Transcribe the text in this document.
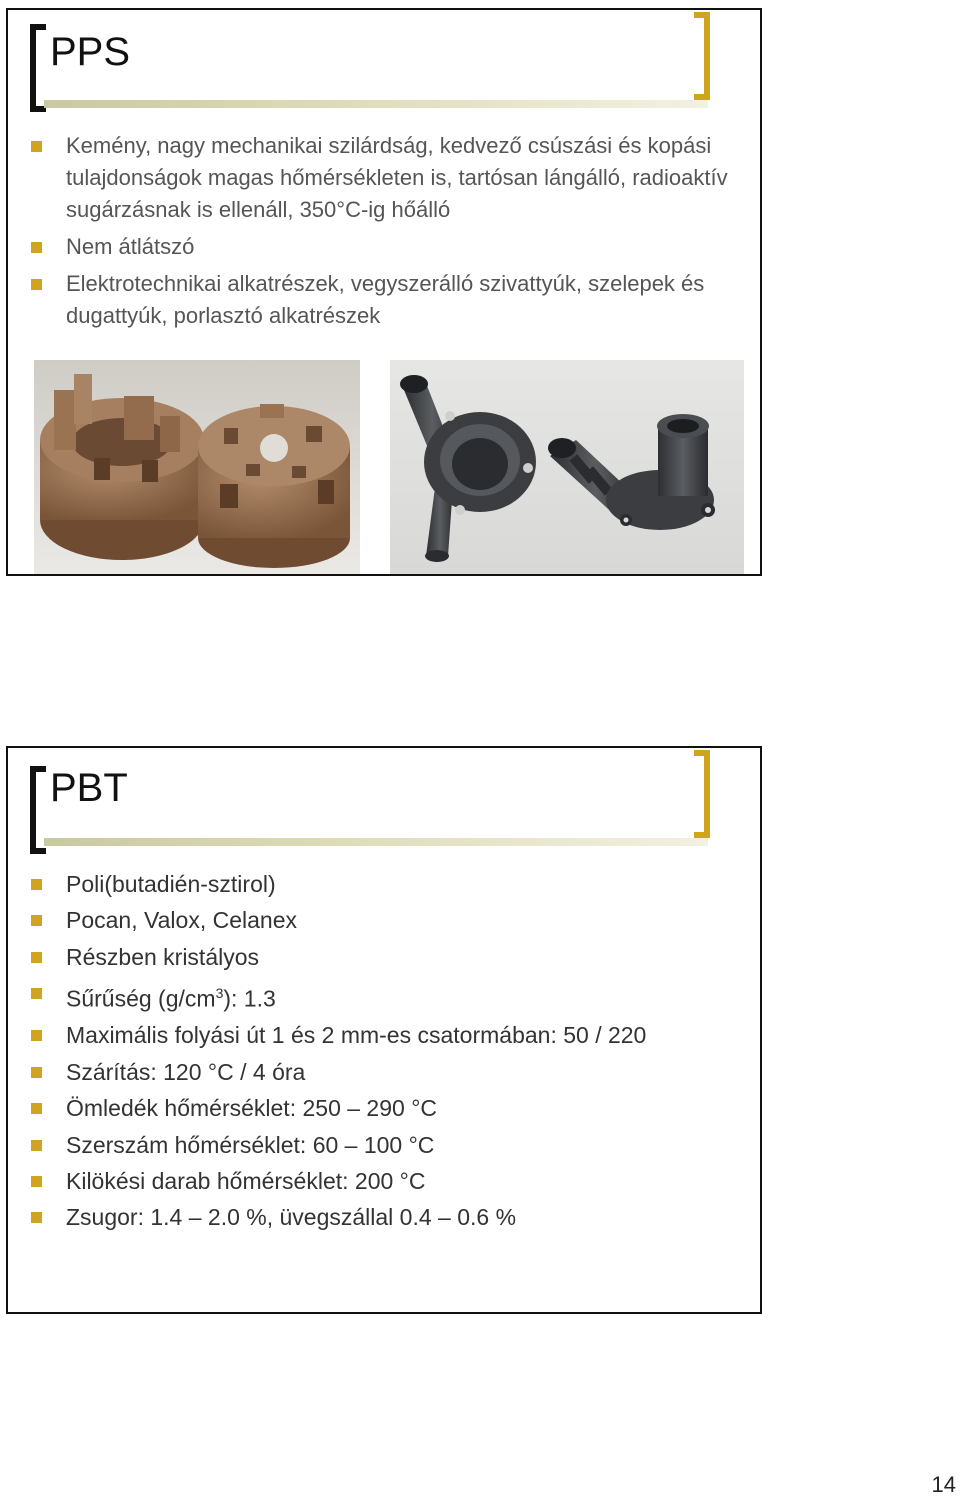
PPS
Kemény, nagy mechanikai szilárdság, kedvező csúszási és kopási tulajdonságok magas hőmérsékleten is, tartósan lángálló, radioaktív sugárzásnak is ellenáll, 350°C-ig hőálló
Nem átlátszó
Elektrotechnikai alkatrészek, vegyszerálló szivattyúk, szelepek és dugattyúk, porlasztó alkatrészek
PBT
Poli(butadién-sztirol)
Pocan, Valox, Celanex
Részben kristályos
Sűrűség $(g/cm^3)$: 1.3
Maximális folyási út 1 és 2 mm-es csatormában: 50 / 220
Szárítás: 120 °C / 4 óra
Ömledék hőmérséklet: 250 – 290 °C
Szerszám hőmérséklet: 60 – 100 °C
Kilökési darab hőmérséklet: 200 °C
Zsugor: 1.4 – 2.0 %, üvegszállal 0.4 – 0.6 %
14
